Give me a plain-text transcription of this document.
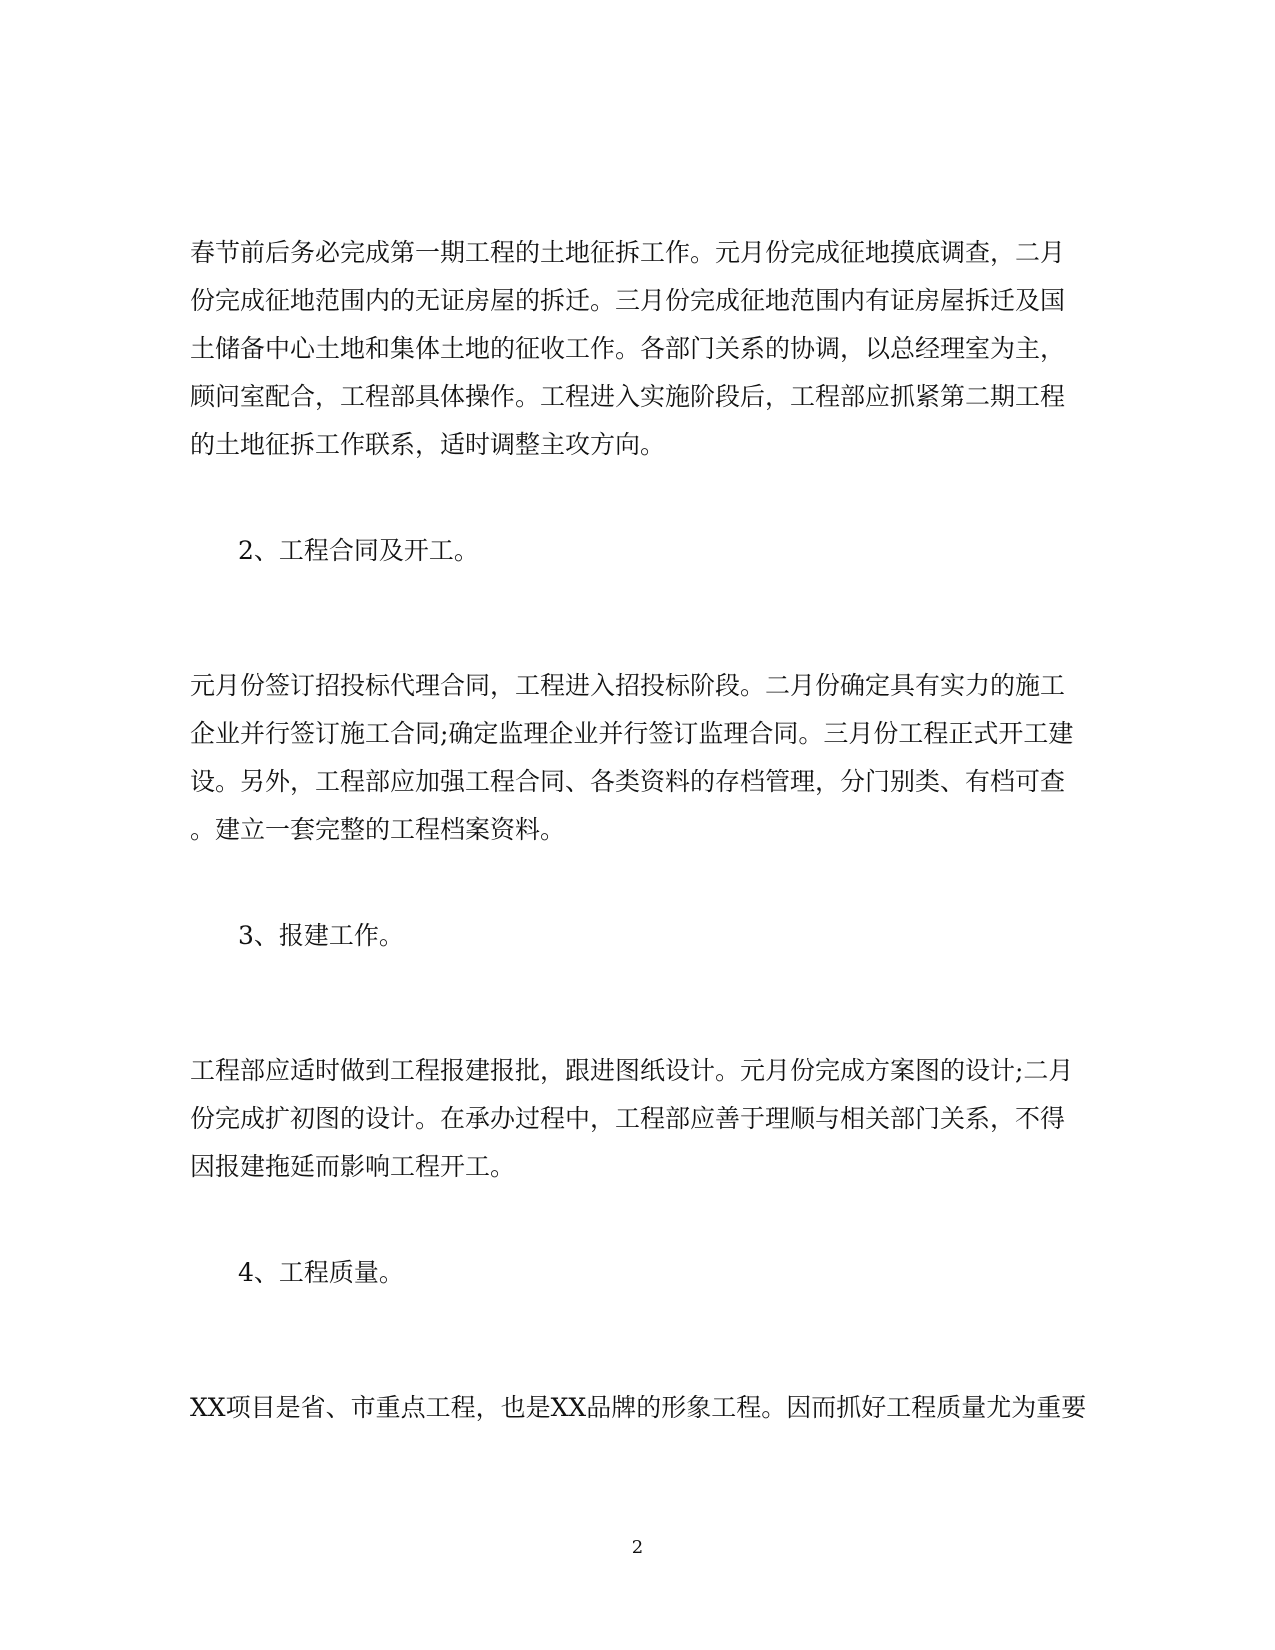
春节前后务必完成第一期工程的土地征拆工作。元月份完成征地摸底调查，二月
份完成征地范围内的无证房屋的拆迁。三月份完成征地范围内有证房屋拆迁及国
土储备中心土地和集体土地的征收工作。各部门关系的协调，以总经理室为主，
顾问室配合，工程部具体操作。工程进入实施阶段后，工程部应抓紧第二期工程
的土地征拆工作联系，适时调整主攻方向。
2、工程合同及开工。
元月份签订招投标代理合同，工程进入招投标阶段。二月份确定具有实力的施工
企业并行签订施工合同;确定监理企业并行签订监理合同。三月份工程正式开工建
设。另外，工程部应加强工程合同、各类资料的存档管理，分门别类、有档可查
。建立一套完整的工程档案资料。
3、报建工作。
工程部应适时做到工程报建报批，跟进图纸设计。元月份完成方案图的设计;二月
份完成扩初图的设计。在承办过程中，工程部应善于理顺与相关部门关系，不得
因报建拖延而影响工程开工。
4、工程质量。
XX项目是省、市重点工程，也是XX品牌的形象工程。因而抓好工程质量尤为重要
2
